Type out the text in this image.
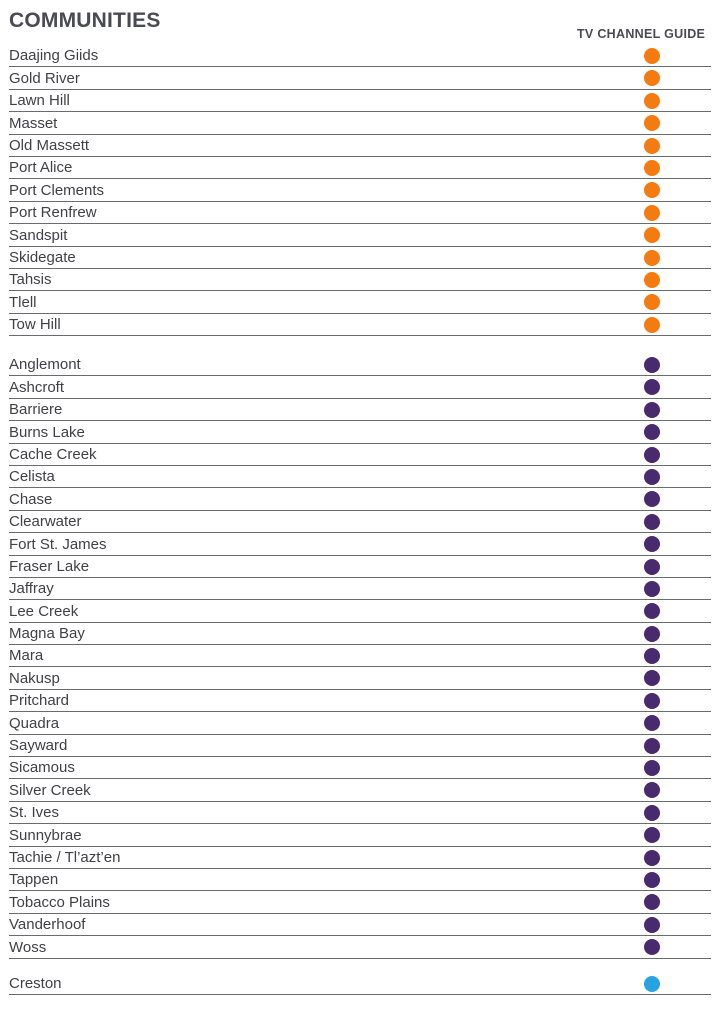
COMMUNITIES
TV CHANNEL GUIDE
Daajing Giids
Gold River
Lawn Hill
Masset
Old Massett
Port Alice
Port Clements
Port Renfrew
Sandspit
Skidegate
Tahsis
Tlell
Tow Hill
Anglemont
Ashcroft
Barriere
Burns Lake
Cache Creek
Celista
Chase
Clearwater
Fort St. James
Fraser Lake
Jaffray
Lee Creek
Magna Bay
Mara
Nakusp
Pritchard
Quadra
Sayward
Sicamous
Silver Creek
St. Ives
Sunnybrae
Tachie / Tl’azt’en
Tappen
Tobacco Plains
Vanderhoof
Woss
Creston
